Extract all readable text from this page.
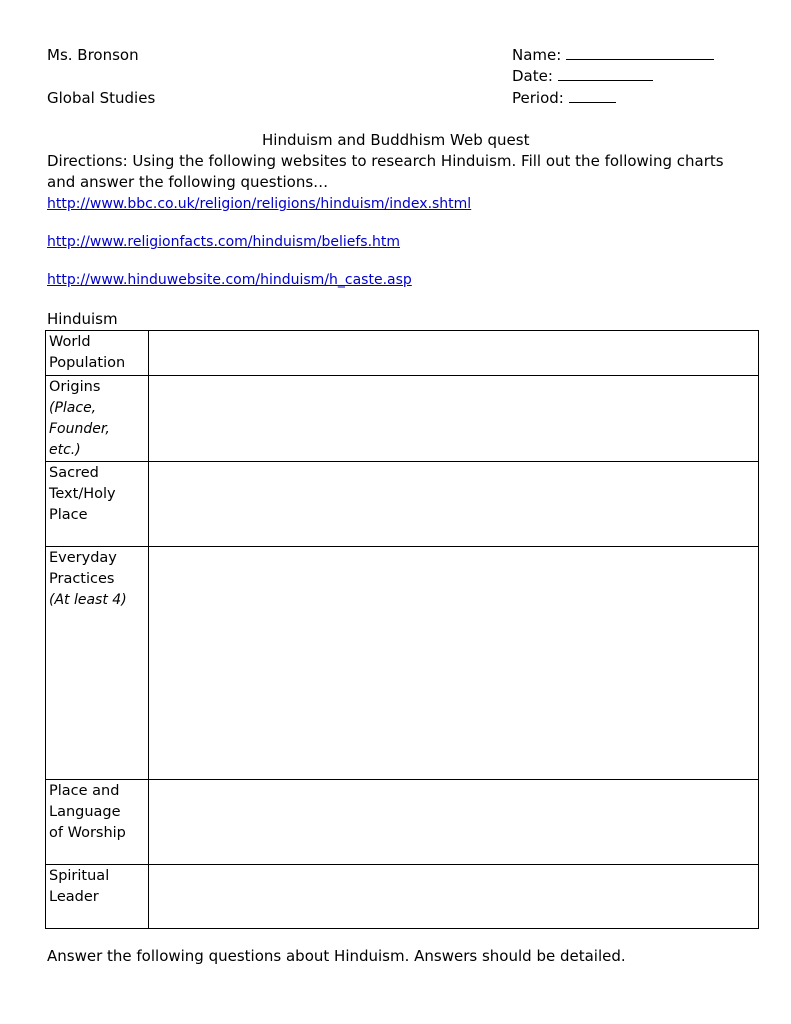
Ms. Bronson
Global Studies
Name:
Date:
Period:
Hinduism and Buddhism Web quest
Directions: Using the following websites to research Hinduism. Fill out the following charts
and answer the following questions…
http://www.bbc.co.uk/religion/religions/hinduism/index.shtml
http://www.religionfacts.com/hinduism/beliefs.htm
http://www.hinduwebsite.com/hinduism/h_caste.asp
Hinduism
World
Population	

Origins
(Place,
Founder,
etc.)	

Sacred
Text/Holy
Place	

Everyday
Practices
(At least 4)	

Place and
Language
of Worship	

Spiritual
Leader	

Answer the following questions about Hinduism. Answers should be detailed.
